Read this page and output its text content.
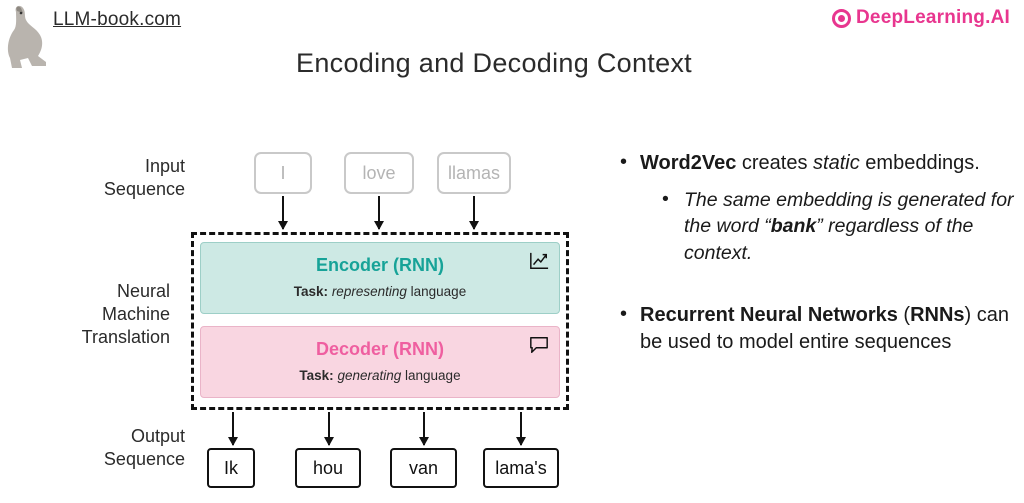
LLM-book.com	DeepLearning.AI
Encoding and Decoding Context
Input
Sequence
Neural
Machine
Translation
Output
Sequence
I	love	llamas
Encoder (RNN)
Task: representing language
Decoder (RNN)
Task: generating language
Ik	hou	van	lama's
• Word2Vec creates static embeddings.
• The same embedding is generated for the word “bank” regardless of the context.
• Recurrent Neural Networks (RNNs) can be used to model entire sequences
